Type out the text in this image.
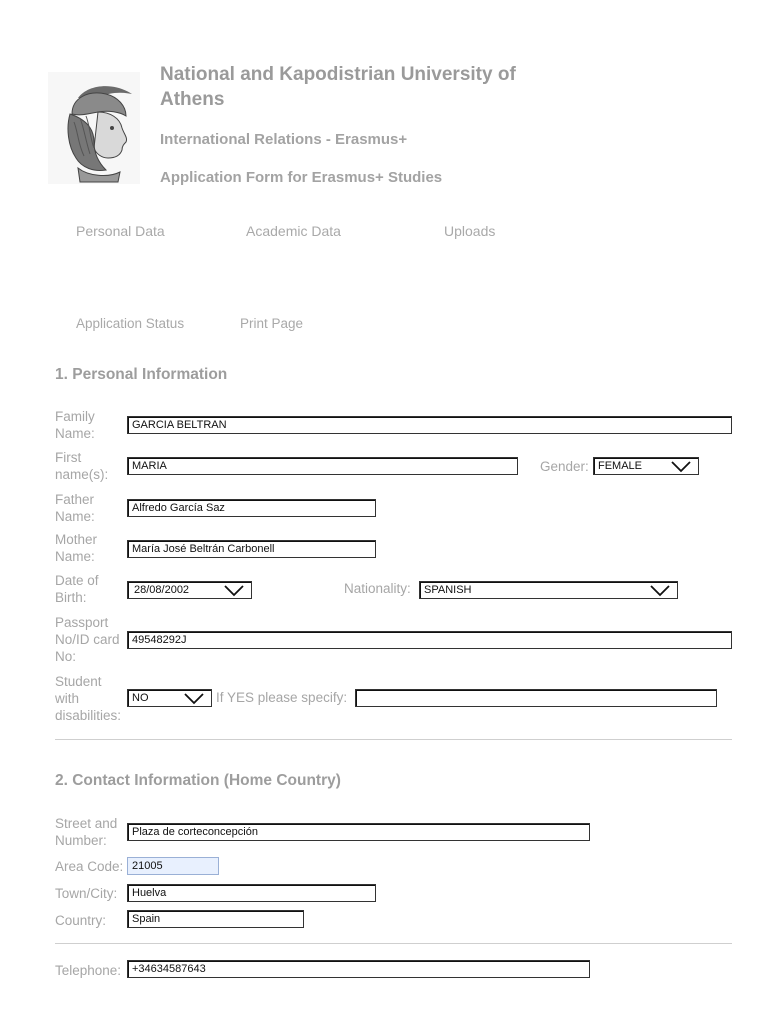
National and Kapodistrian University of Athens
International Relations - Erasmus+
Application Form for Erasmus+ Studies
Personal Data	Academic Data	Uploads
Application Status	Print Page
1. Personal Information
Family
Name:
GARCIA BELTRAN
First
name(s):
MARIA	Gender: FEMALE
Father
Name:
Alfredo García Saz
Mother
Name:	María José Beltrán Carbonell
Date of
Birth:	28/08/2002	Nationality: SPANISH
Passport
No/ID card
No:
49548292J
Student
with
disabilities:
NO	If YES please specify:
2. Contact Information (Home Country)
Street and
Number:
Plaza de corteconcepción
Area Code: 21005
Town/City:	Huelva
Country:	Spain
Telephone: +34634587643
